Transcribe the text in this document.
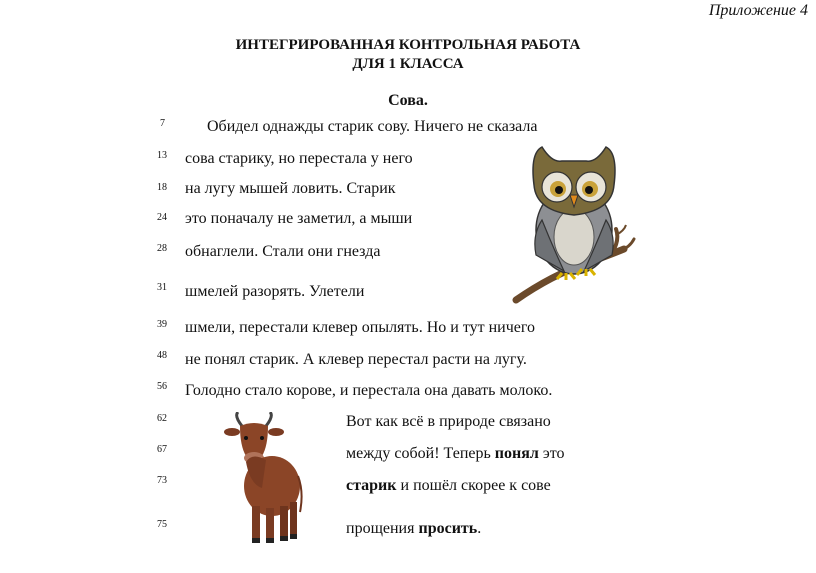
Приложение 4
ИНТЕГРИРОВАННАЯ КОНТРОЛЬНАЯ РАБОТА
ДЛЯ 1 КЛАССА
Сова.
7
13
18
24
28
31
39
48
56
62
67
73
75
Обидел однажды старик сову. Ничего не сказала
сова старику, но перестала у него
на лугу мышей ловить. Старик
это поначалу не заметил, а мыши
обнаглели. Стали они гнезда
шмелей разорять. Улетели
шмели, перестали клевер опылять. Но и тут ничего
не понял старик. А клевер перестал расти на лугу.
Голодно стало корове, и перестала она давать молоко.
Вот как всё в природе связано
между собой! Теперь понял это
старик и пошёл скорее к сове
прощения просить.
